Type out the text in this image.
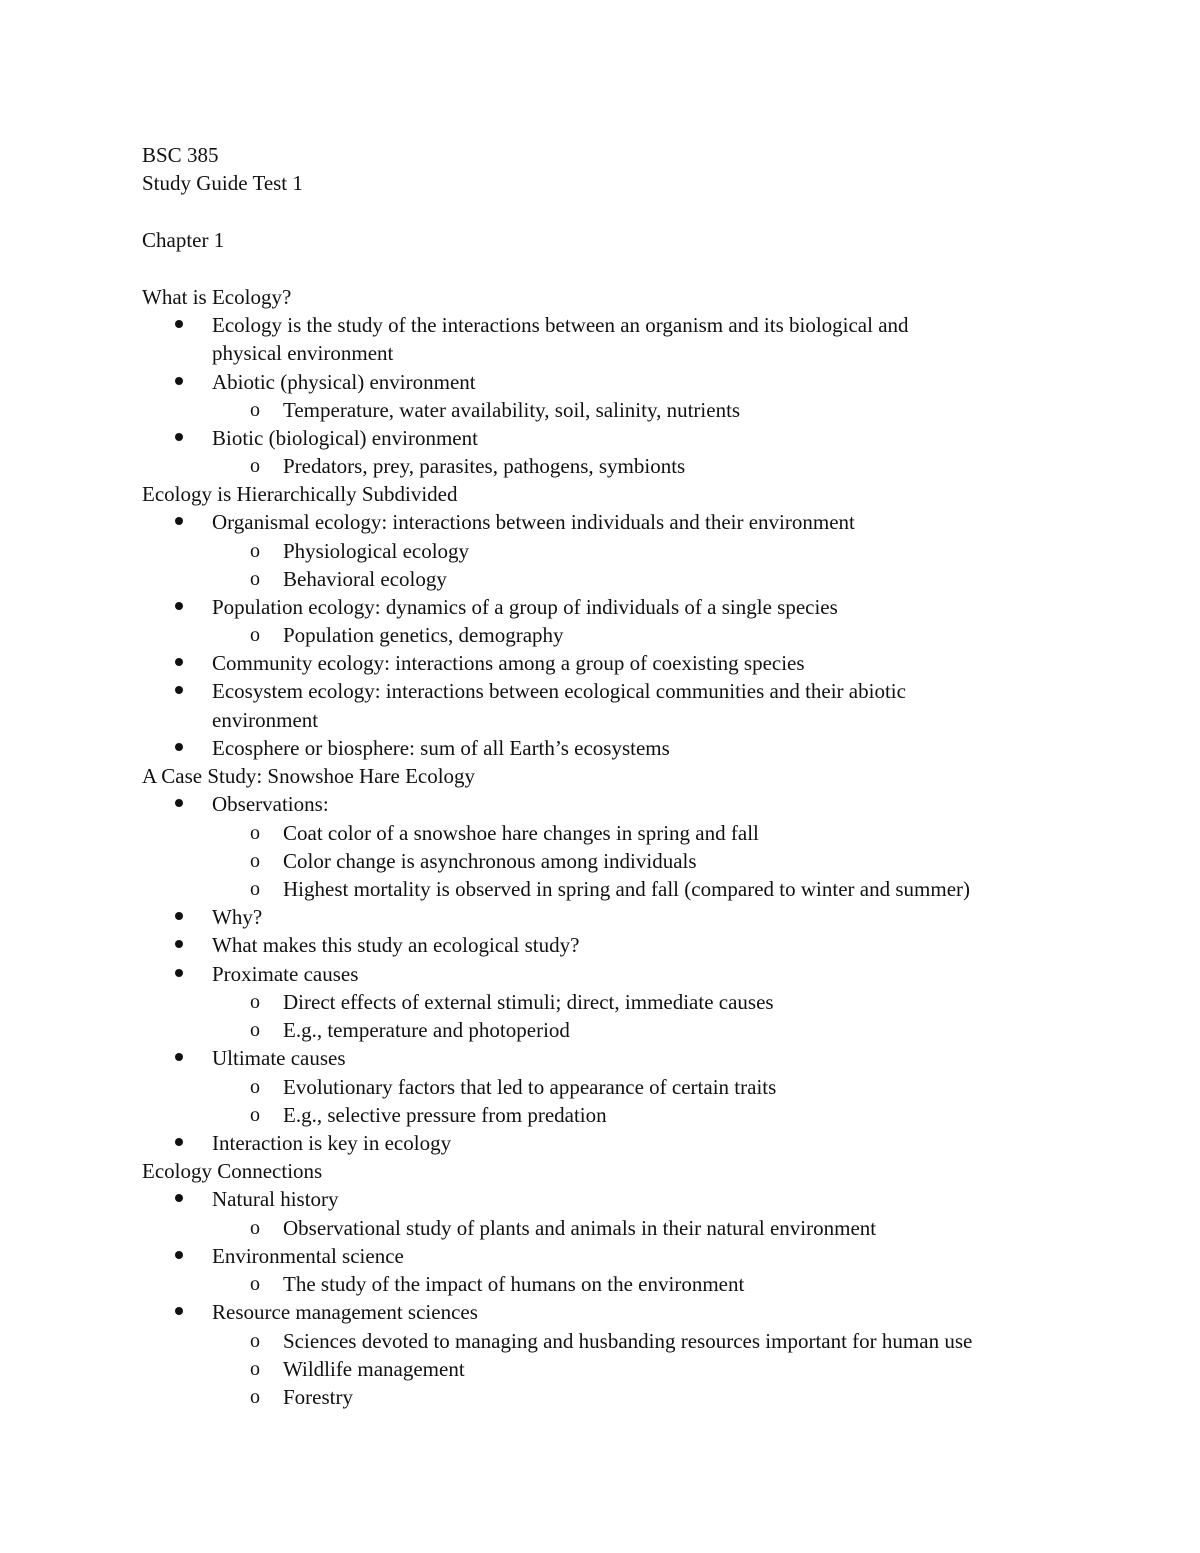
BSC 385
Study Guide Test 1
Chapter 1
What is Ecology?
Ecology is the study of the interactions between an organism and its biological and
physical environment
Abiotic (physical) environment
o Temperature, water availability, soil, salinity, nutrients
Biotic (biological) environment
o Predators, prey, parasites, pathogens, symbionts
Ecology is Hierarchically Subdivided
Organismal ecology: interactions between individuals and their environment
o Physiological ecology
o Behavioral ecology
Population ecology: dynamics of a group of individuals of a single species
o Population genetics, demography
Community ecology: interactions among a group of coexisting species
Ecosystem ecology: interactions between ecological communities and their abiotic
environment
Ecosphere or biosphere: sum of all Earth’s ecosystems
A Case Study: Snowshoe Hare Ecology
Observations:
o Coat color of a snowshoe hare changes in spring and fall
o Color change is asynchronous among individuals
o Highest mortality is observed in spring and fall (compared to winter and summer)
Why?
What makes this study an ecological study?
Proximate causes
o Direct effects of external stimuli; direct, immediate causes
o E.g., temperature and photoperiod
Ultimate causes
o Evolutionary factors that led to appearance of certain traits
o E.g., selective pressure from predation
Interaction is key in ecology
Ecology Connections
Natural history
o Observational study of plants and animals in their natural environment
Environmental science
o The study of the impact of humans on the environment
Resource management sciences
o Sciences devoted to managing and husbanding resources important for human use
o Wildlife management
o Forestry
